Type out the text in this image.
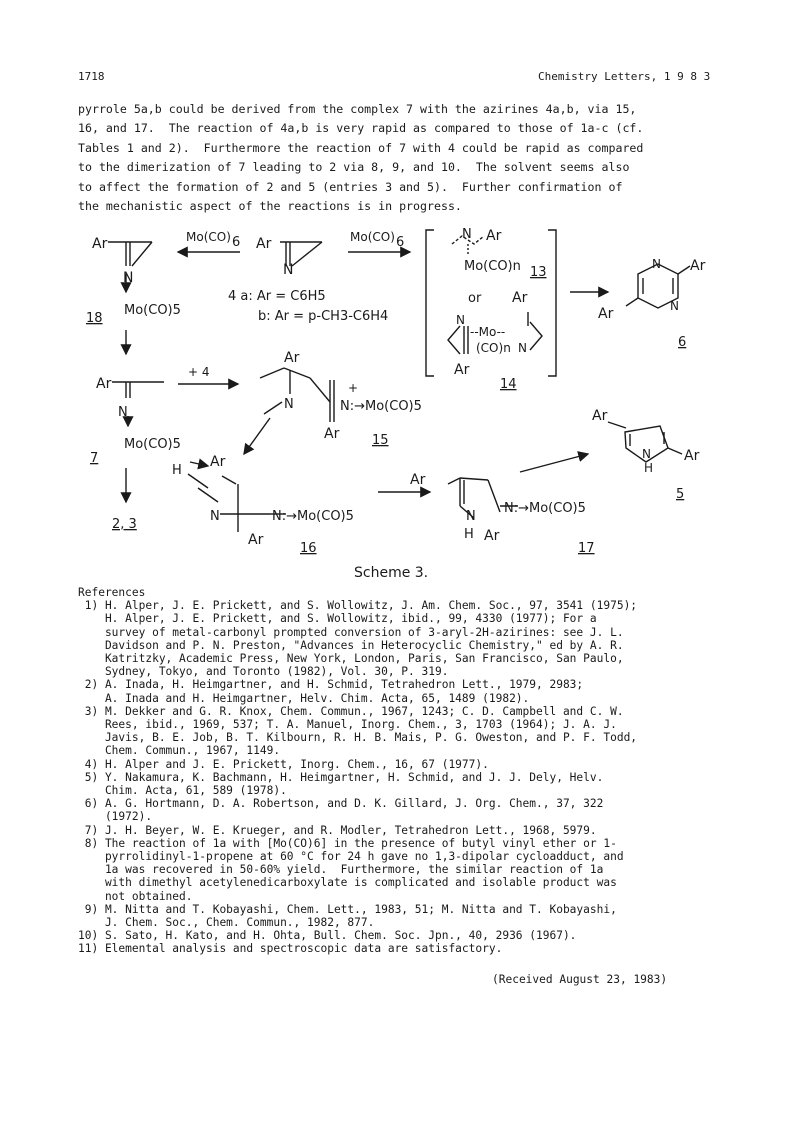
1718	Chemistry Letters, 1 9 8 3
pyrrole 5a,b could be derived from the complex 7 with the azirines 4a,b, via 15,
16, and 17.  The reaction of 4a,b is very rapid as compared to those of 1a-c (cf.
Tables 1 and 2).  Furthermore the reaction of 7 with 4 could be rapid as compared
to the dimerization of 7 leading to 2 via 8, 9, and 10.  The solvent seems also
to affect the formation of 2 and 5 (entries 3 and 5).  Further confirmation of
the mechanistic aspect of the reactions is in progress.
Ar
N
Mo(CO)5
18
Mo(CO) 6	Mo(CO) 6
Ar
N
4 a: Ar = C6H5
b: Ar = p-CH3-C6H4
N Ar
Mo(CO)n 13
or Ar
N
--Mo--
(CO)n N
Ar
14
N Ar
N
Ar
6
Ar
N
Mo(CO)5
7
2, 3
+ 4
Ar
N
+
N:→Mo(CO)5
Ar	15
H
Ar
N	N:→Mo(CO)5
Ar
16
Ar
N
H Ar
N:→Mo(CO)5
17
Ar
N
H
Ar
5
Scheme 3.
References
1) H. Alper, J. E. Prickett, and S. Wollowitz, J. Am. Chem. Soc., 97, 3541 (1975);
H. Alper, J. E. Prickett, and S. Wollowitz, ibid., 99, 4330 (1977); For a
survey of metal-carbonyl prompted conversion of 3-aryl-2H-azirines: see J. L.
Davidson and P. N. Preston, "Advances in Heterocyclic Chemistry," ed by A. R.
Katritzky, Academic Press, New York, London, Paris, San Francisco, San Paulo,
Sydney, Tokyo, and Toronto (1982), Vol. 30, P. 319.
2) A. Inada, H. Heimgartner, and H. Schmid, Tetrahedron Lett., 1979, 2983;
A. Inada and H. Heimgartner, Helv. Chim. Acta, 65, 1489 (1982).
3) M. Dekker and G. R. Knox, Chem. Commun., 1967, 1243; C. D. Campbell and C. W.
Rees, ibid., 1969, 537; T. A. Manuel, Inorg. Chem., 3, 1703 (1964); J. A. J.
Javis, B. E. Job, B. T. Kilbourn, R. H. B. Mais, P. G. Oweston, and P. F. Todd,
Chem. Commun., 1967, 1149.
4) H. Alper and J. E. Prickett, Inorg. Chem., 16, 67 (1977).
5) Y. Nakamura, K. Bachmann, H. Heimgartner, H. Schmid, and J. J. Dely, Helv.
Chim. Acta, 61, 589 (1978).
6) A. G. Hortmann, D. A. Robertson, and D. K. Gillard, J. Org. Chem., 37, 322
(1972).
7) J. H. Beyer, W. E. Krueger, and R. Modler, Tetrahedron Lett., 1968, 5979.
8) The reaction of 1a with [Mo(CO)6] in the presence of butyl vinyl ether or 1-
pyrrolidinyl-1-propene at 60 °C for 24 h gave no 1,3-dipolar cycloadduct, and
1a was recovered in 50-60% yield.  Furthermore, the similar reaction of 1a
with dimethyl acetylenedicarboxylate is complicated and isolable product was
not obtained.
9) M. Nitta and T. Kobayashi, Chem. Lett., 1983, 51; M. Nitta and T. Kobayashi,
J. Chem. Soc., Chem. Commun., 1982, 877.
10) S. Sato, H. Kato, and H. Ohta, Bull. Chem. Soc. Jpn., 40, 2936 (1967).
11) Elemental analysis and spectroscopic data are satisfactory.
(Received August 23, 1983)
